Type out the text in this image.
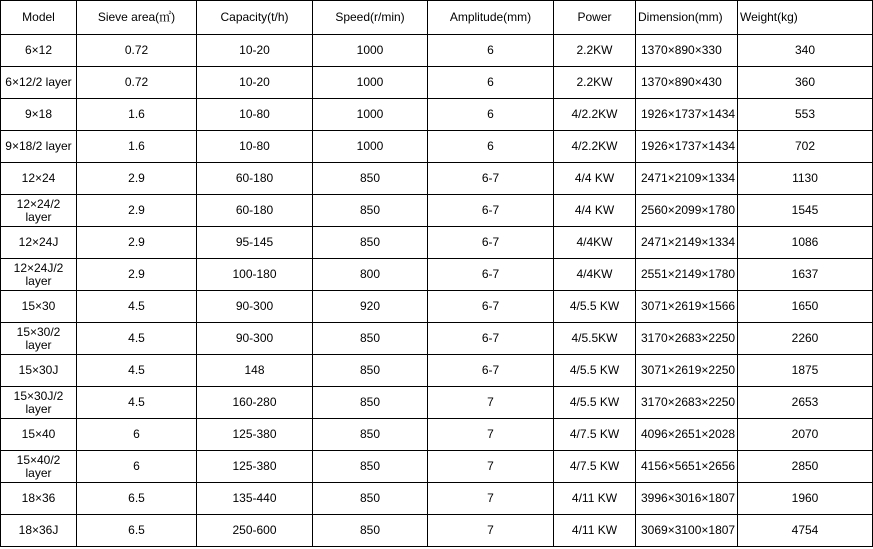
Model	Sieve area(㎡)	Capacity(t/h)	Speed(r/min)	Amplitude(mm)	Power	Dimension(mm)	Weight(kg)
6×12	0.72	10-20	1000	6	2.2KW	1370×890×330	340
6×12/2 layer	0.72	10-20	1000	6	2.2KW	1370×890×430	360
9×18	1.6	10-80	1000	6	4/2.2KW	1926×1737×1434	553
9×18/2 layer	1.6	10-80	1000	6	4/2.2KW	1926×1737×1434	702
12×24	2.9	60-180	850	6-7	4/4 KW	2471×2109×1334	1130
12×24/2 layer	2.9	60-180	850	6-7	4/4 KW	2560×2099×1780	1545
12×24J	2.9	95-145	850	6-7	4/4KW	2471×2149×1334	1086
12×24J/2 layer	2.9	100-180	800	6-7	4/4KW	2551×2149×1780	1637
15×30	4.5	90-300	920	6-7	4/5.5 KW	3071×2619×1566	1650
15×30/2 layer	4.5	90-300	850	6-7	4/5.5KW	3170×2683×2250	2260
15×30J	4.5	148	850	6-7	4/5.5 KW	3071×2619×2250	1875
15×30J/2 layer	4.5	160-280	850	7	4/5.5 KW	3170×2683×2250	2653
15×40	6	125-380	850	7	4/7.5 KW	4096×2651×2028	2070
15×40/2 layer	6	125-380	850	7	4/7.5 KW	4156×5651×2656	2850
18×36	6.5	135-440	850	7	4/11 KW	3996×3016×1807	1960
18×36J	6.5	250-600	850	7	4/11 KW	3069×3100×1807	4754
